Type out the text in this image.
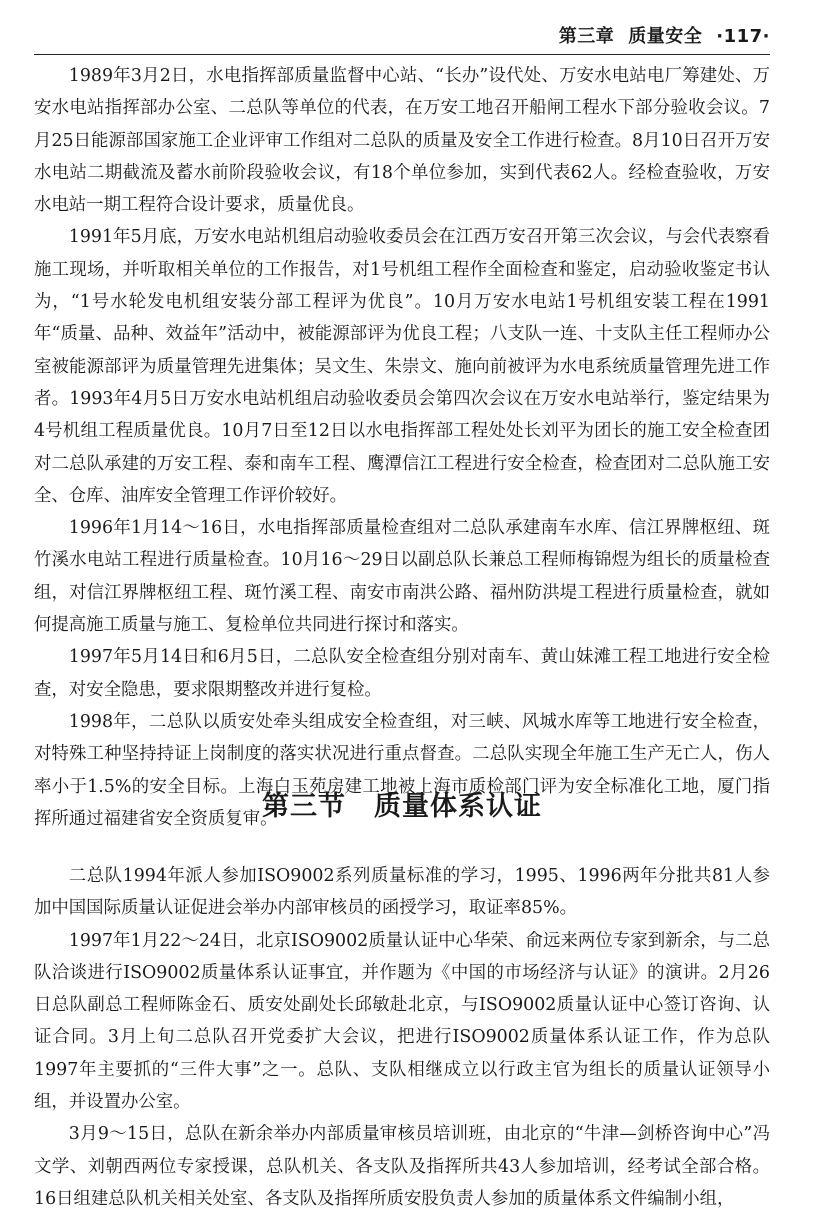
第三章 质量安全 ·117·

1989年3月2日，水电指挥部质量监督中心站、“长办”设代处、万安水电站电厂筹建处、万安水电站指挥部办公室、二总队等单位的代表，在万安工地召开船闸工程水下部分验收会议。7月25日能源部国家施工企业评审工作组对二总队的质量及安全工作进行检查。8月10日召开万安水电站二期截流及蓄水前阶段验收会议，有18个单位参加，实到代表62人。经检查验收，万安水电站一期工程符合设计要求，质量优良。

1991年5月底，万安水电站机组启动验收委员会在江西万安召开第三次会议，与会代表察看施工现场，并听取相关单位的工作报告，对1号机组工程作全面检查和鉴定，启动验收鉴定书认为，“1号水轮发电机组安装分部工程评为优良”。10月万安水电站1号机组安装工程在1991年“质量、品种、效益年”活动中，被能源部评为优良工程；八支队一连、十支队主任工程师办公室被能源部评为质量管理先进集体；吴文生、朱崇文、施向前被评为水电系统质量管理先进工作者。1993年4月5日万安水电站机组启动验收委员会第四次会议在万安水电站举行，鉴定结果为4号机组工程质量优良。10月7日至12日以水电指挥部工程处处长刘平为团长的施工安全检查团对二总队承建的万安工程、泰和南车工程、鹰潭信江工程进行安全检查，检查团对二总队施工安全、仓库、油库安全管理工作评价较好。

1996年1月14～16日，水电指挥部质量检查组对二总队承建南车水库、信江界牌枢纽、斑竹溪水电站工程进行质量检查。10月16～29日以副总队长兼总工程师梅锦煜为组长的质量检查组，对信江界牌枢纽工程、斑竹溪工程、南安市南洪公路、福州防洪堤工程进行质量检查，就如何提高施工质量与施工、复检单位共同进行探讨和落实。

1997年5月14日和6月5日，二总队安全检查组分别对南车、黄山妹滩工程工地进行安全检查，对安全隐患，要求限期整改并进行复检。

1998年，二总队以质安处牵头组成安全检查组，对三峡、风城水库等工地进行安全检查，对特殊工种坚持持证上岗制度的落实状况进行重点督查。二总队实现全年施工生产无亡人，伤人率小于1.5%的安全目标。上海白玉苑房建工地被上海市质检部门评为安全标准化工地，厦门指挥所通过福建省安全资质复审。

第三节 质量体系认证

二总队1994年派人参加ISO9002系列质量标准的学习，1995、1996两年分批共81人参加中国国际质量认证促进会举办内部审核员的函授学习，取证率85%。

1997年1月22～24日，北京ISO9002质量认证中心华荣、俞远来两位专家到新余，与二总队洽谈进行ISO9002质量体系认证事宜，并作题为《中国的市场经济与认证》的演讲。2月26日总队副总工程师陈金石、质安处副处长邱敏赴北京，与ISO9002质量认证中心签订咨询、认证合同。3月上旬二总队召开党委扩大会议，把进行ISO9002质量体系认证工作，作为总队1997年主要抓的“三件大事”之一。总队、支队相继成立以行政主官为组长的质量认证领导小组，并设置办公室。

3月9～15日，总队在新余举办内部质量审核员培训班，由北京的“牛津—剑桥咨询中心”冯文学、刘朝西两位专家授课，总队机关、各支队及指挥所共43人参加培训，经考试全部合格。16日组建总队机关相关处室、各支队及指挥所质安股负责人参加的质量体系文件编制小组，
